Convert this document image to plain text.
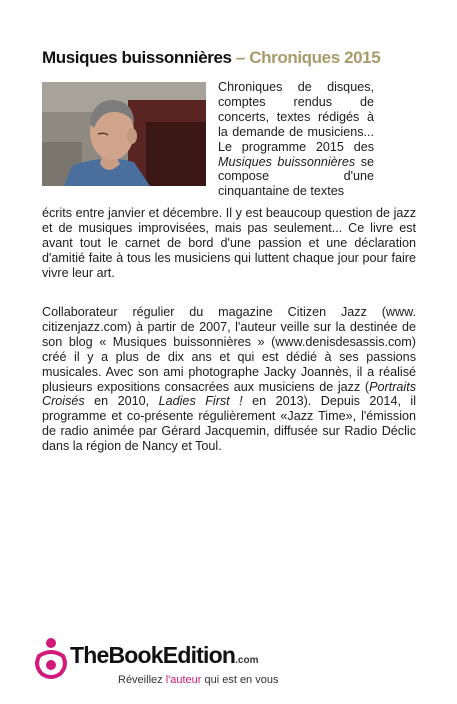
Musiques buissonnières – Chroniques 2015
Chroniques de disques, comptes rendus de concerts, textes rédigés à la demande de musiciens... Le programme 2015 des Musiques buissonnières se compose d'une cinquantaine de textes
écrits entre janvier et décembre. Il y est beaucoup question de jazz et de musiques improvisées, mais pas seulement... Ce livre est avant tout le carnet de bord d'une passion et une déclaration d'amitié faite à tous les musiciens qui luttent chaque jour pour faire vivre leur art.
Collaborateur régulier du magazine Citizen Jazz (www. citizenjazz.com) à partir de 2007, l'auteur veille sur la destinée de son blog « Musiques buissonnières » (www.denisdesassis.com) créé il y a plus de dix ans et qui est dédié à ses passions musicales. Avec son ami photographe Jacky Joannès, il a réalisé plusieurs expositions consacrées aux musiciens de jazz (Portraits Croisés en 2010, Ladies First ! en 2013). Depuis 2014, il programme et co-présente régulièrement «Jazz Time», l'émission de radio animée par Gérard Jacquemin, diffusée sur Radio Déclic dans la région de Nancy et Toul.
TheBookEdition.com
Réveillez l'auteur qui est en vous
